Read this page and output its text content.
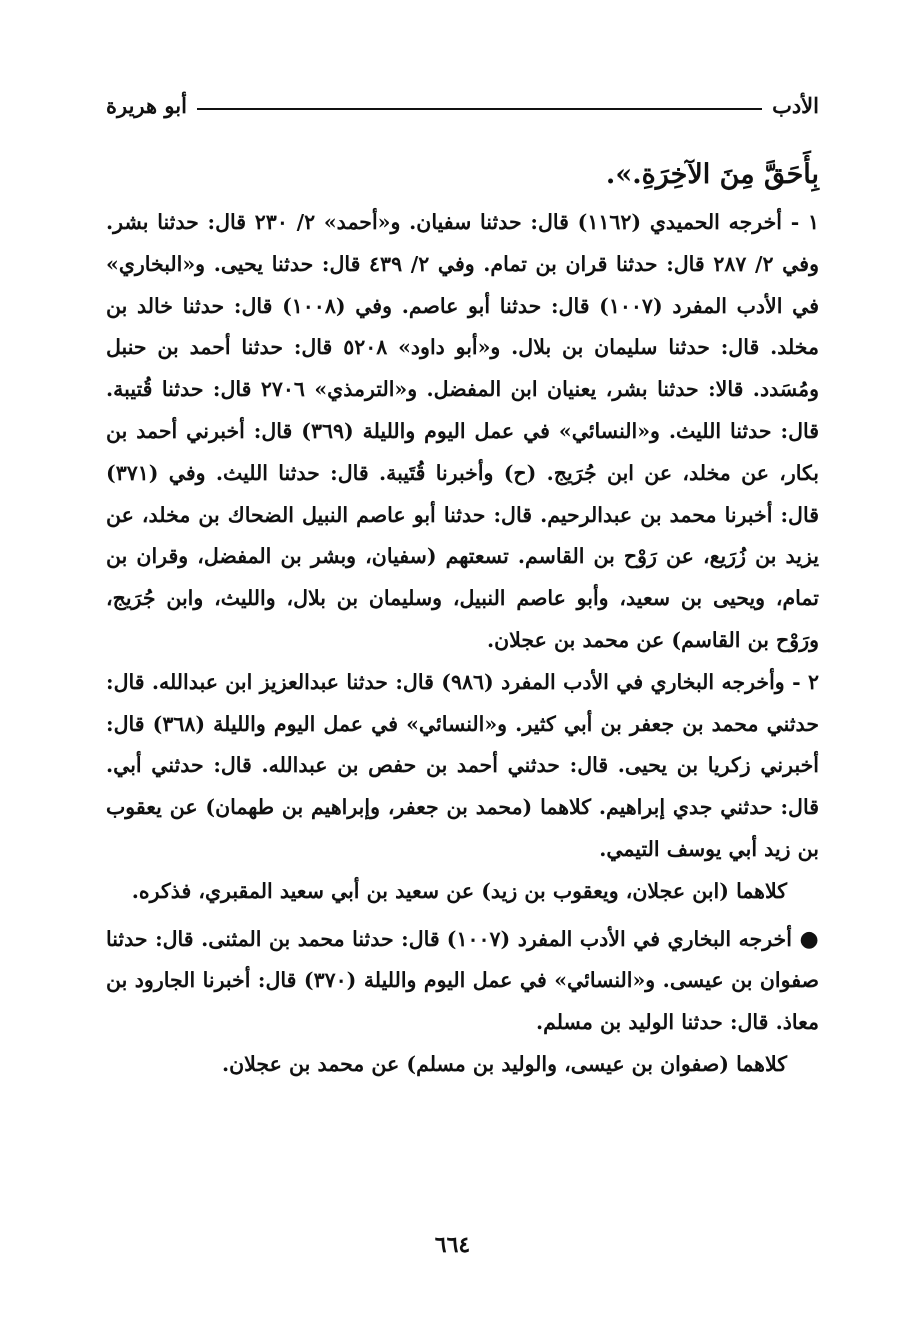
الأدب
أبو هريرة

بِأَحَقَّ مِنَ الآخِرَةِ.».

١ - أخرجه الحميدي (١١٦٢) قال: حدثنا سفيان. و«أحمد» ٢/ ٢٣٠ قال: حدثنا بشر. وفي ٢/ ٢٨٧ قال: حدثنا قران بن تمام. وفي ٢/ ٤٣٩ قال: حدثنا يحيى. و«البخاري» في الأدب المفرد (١٠٠٧) قال: حدثنا أبو عاصم. وفي (١٠٠٨) قال: حدثنا خالد بن مخلد. قال: حدثنا سليمان بن بلال. و«أبو داود» ٥٢٠٨ قال: حدثنا أحمد بن حنبل ومُسَدد. قالا: حدثنا بشر، يعنيان ابن المفضل. و«الترمذي» ٢٧٠٦ قال: حدثنا قُتيبة. قال: حدثنا الليث. و«النسائي» في عمل اليوم والليلة (٣٦٩) قال: أخبرني أحمد بن بكار، عن مخلد، عن ابن جُرَيج. (ح) وأخبرنا قُتَيبة. قال: حدثنا الليث. وفي (٣٧١) قال: أخبرنا محمد بن عبدالرحيم. قال: حدثنا أبو عاصم النبيل الضحاك بن مخلد، عن يزيد بن زُرَيع، عن رَوْح بن القاسم. تسعتهم (سفيان، وبشر بن المفضل، وقران بن تمام، ويحيى بن سعيد، وأبو عاصم النبيل، وسليمان بن بلال، والليث، وابن جُرَيج، ورَوْح بن القاسم) عن محمد بن عجلان.

٢ - وأخرجه البخاري في الأدب المفرد (٩٨٦) قال: حدثنا عبدالعزيز ابن عبدالله. قال: حدثني محمد بن جعفر بن أبي كثير. و«النسائي» في عمل اليوم والليلة (٣٦٨) قال: أخبرني زكريا بن يحيى. قال: حدثني أحمد بن حفص بن عبدالله. قال: حدثني أبي. قال: حدثني جدي إبراهيم. كلاهما (محمد بن جعفر، وإبراهيم بن طهمان) عن يعقوب بن زيد أبي يوسف التيمي.

كلاهما (ابن عجلان، ويعقوب بن زيد) عن سعيد بن أبي سعيد المقبري، فذكره.

● أخرجه البخاري في الأدب المفرد (١٠٠٧) قال: حدثنا محمد بن المثنى. قال: حدثنا صفوان بن عيسى. و«النسائي» في عمل اليوم والليلة (٣٧٠) قال: أخبرنا الجارود بن معاذ. قال: حدثنا الوليد بن مسلم.

كلاهما (صفوان بن عيسى، والوليد بن مسلم) عن محمد بن عجلان.

٦٦٤
